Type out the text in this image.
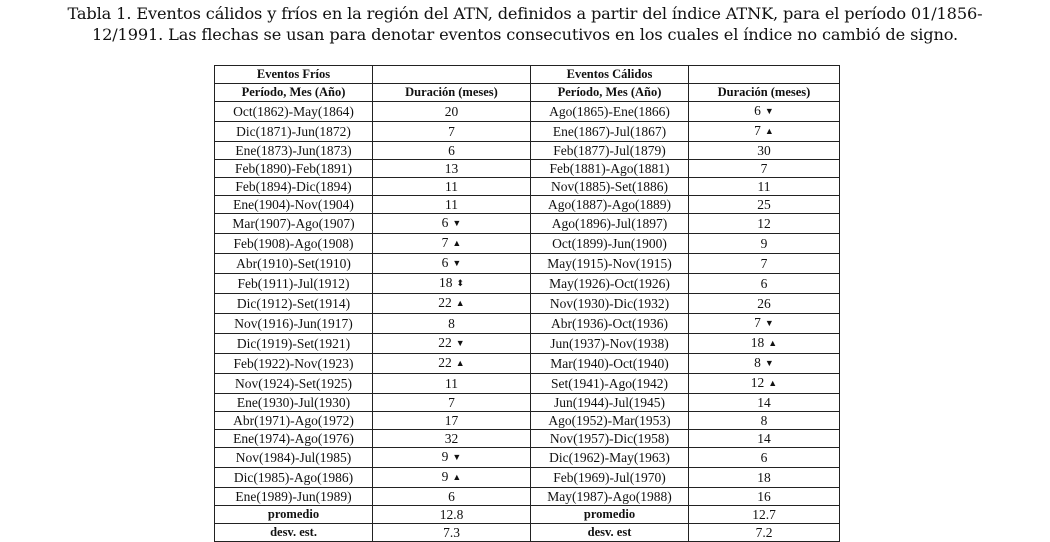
Tabla 1. Eventos cálidos y fríos en la región del ATN, definidos a partir del índice ATNK, para el período 01/1856-
12/1991. Las flechas se usan para denotar eventos consecutivos en los cuales el índice no cambió de signo.
Eventos Fríos		Eventos Cálidos	
Período, Mes (Año)	Duración (meses)	Período, Mes (Año)	Duración (meses)
Oct(1862)-May(1864)	20	Ago(1865)-Ene(1866)	6 ▼
Dic(1871)-Jun(1872)	7	Ene(1867)-Jul(1867)	7 ▲
Ene(1873)-Jun(1873)	6	Feb(1877)-Jul(1879)	30
Feb(1890)-Feb(1891)	13	Feb(1881)-Ago(1881)	7
Feb(1894)-Dic(1894)	11	Nov(1885)-Set(1886)	11
Ene(1904)-Nov(1904)	11	Ago(1887)-Ago(1889)	25
Mar(1907)-Ago(1907)	6 ▼	Ago(1896)-Jul(1897)	12
Feb(1908)-Ago(1908)	7 ▲	Oct(1899)-Jun(1900)	9
Abr(1910)-Set(1910)	6 ▼	May(1915)-Nov(1915)	7
Feb(1911)-Jul(1912)	18 ⬍	May(1926)-Oct(1926)	6
Dic(1912)-Set(1914)	22 ▲	Nov(1930)-Dic(1932)	26
Nov(1916)-Jun(1917)	8	Abr(1936)-Oct(1936)	7 ▼
Dic(1919)-Set(1921)	22 ▼	Jun(1937)-Nov(1938)	18 ▲
Feb(1922)-Nov(1923)	22 ▲	Mar(1940)-Oct(1940)	8 ▼
Nov(1924)-Set(1925)	11	Set(1941)-Ago(1942)	12 ▲
Ene(1930)-Jul(1930)	7	Jun(1944)-Jul(1945)	14
Abr(1971)-Ago(1972)	17	Ago(1952)-Mar(1953)	8
Ene(1974)-Ago(1976)	32	Nov(1957)-Dic(1958)	14
Nov(1984)-Jul(1985)	9 ▼	Dic(1962)-May(1963)	6
Dic(1985)-Ago(1986)	9 ▲	Feb(1969)-Jul(1970)	18
Ene(1989)-Jun(1989)	6	May(1987)-Ago(1988)	16
promedio	12.8	promedio	12.7
desv. est.	7.3	desv. est	7.2
